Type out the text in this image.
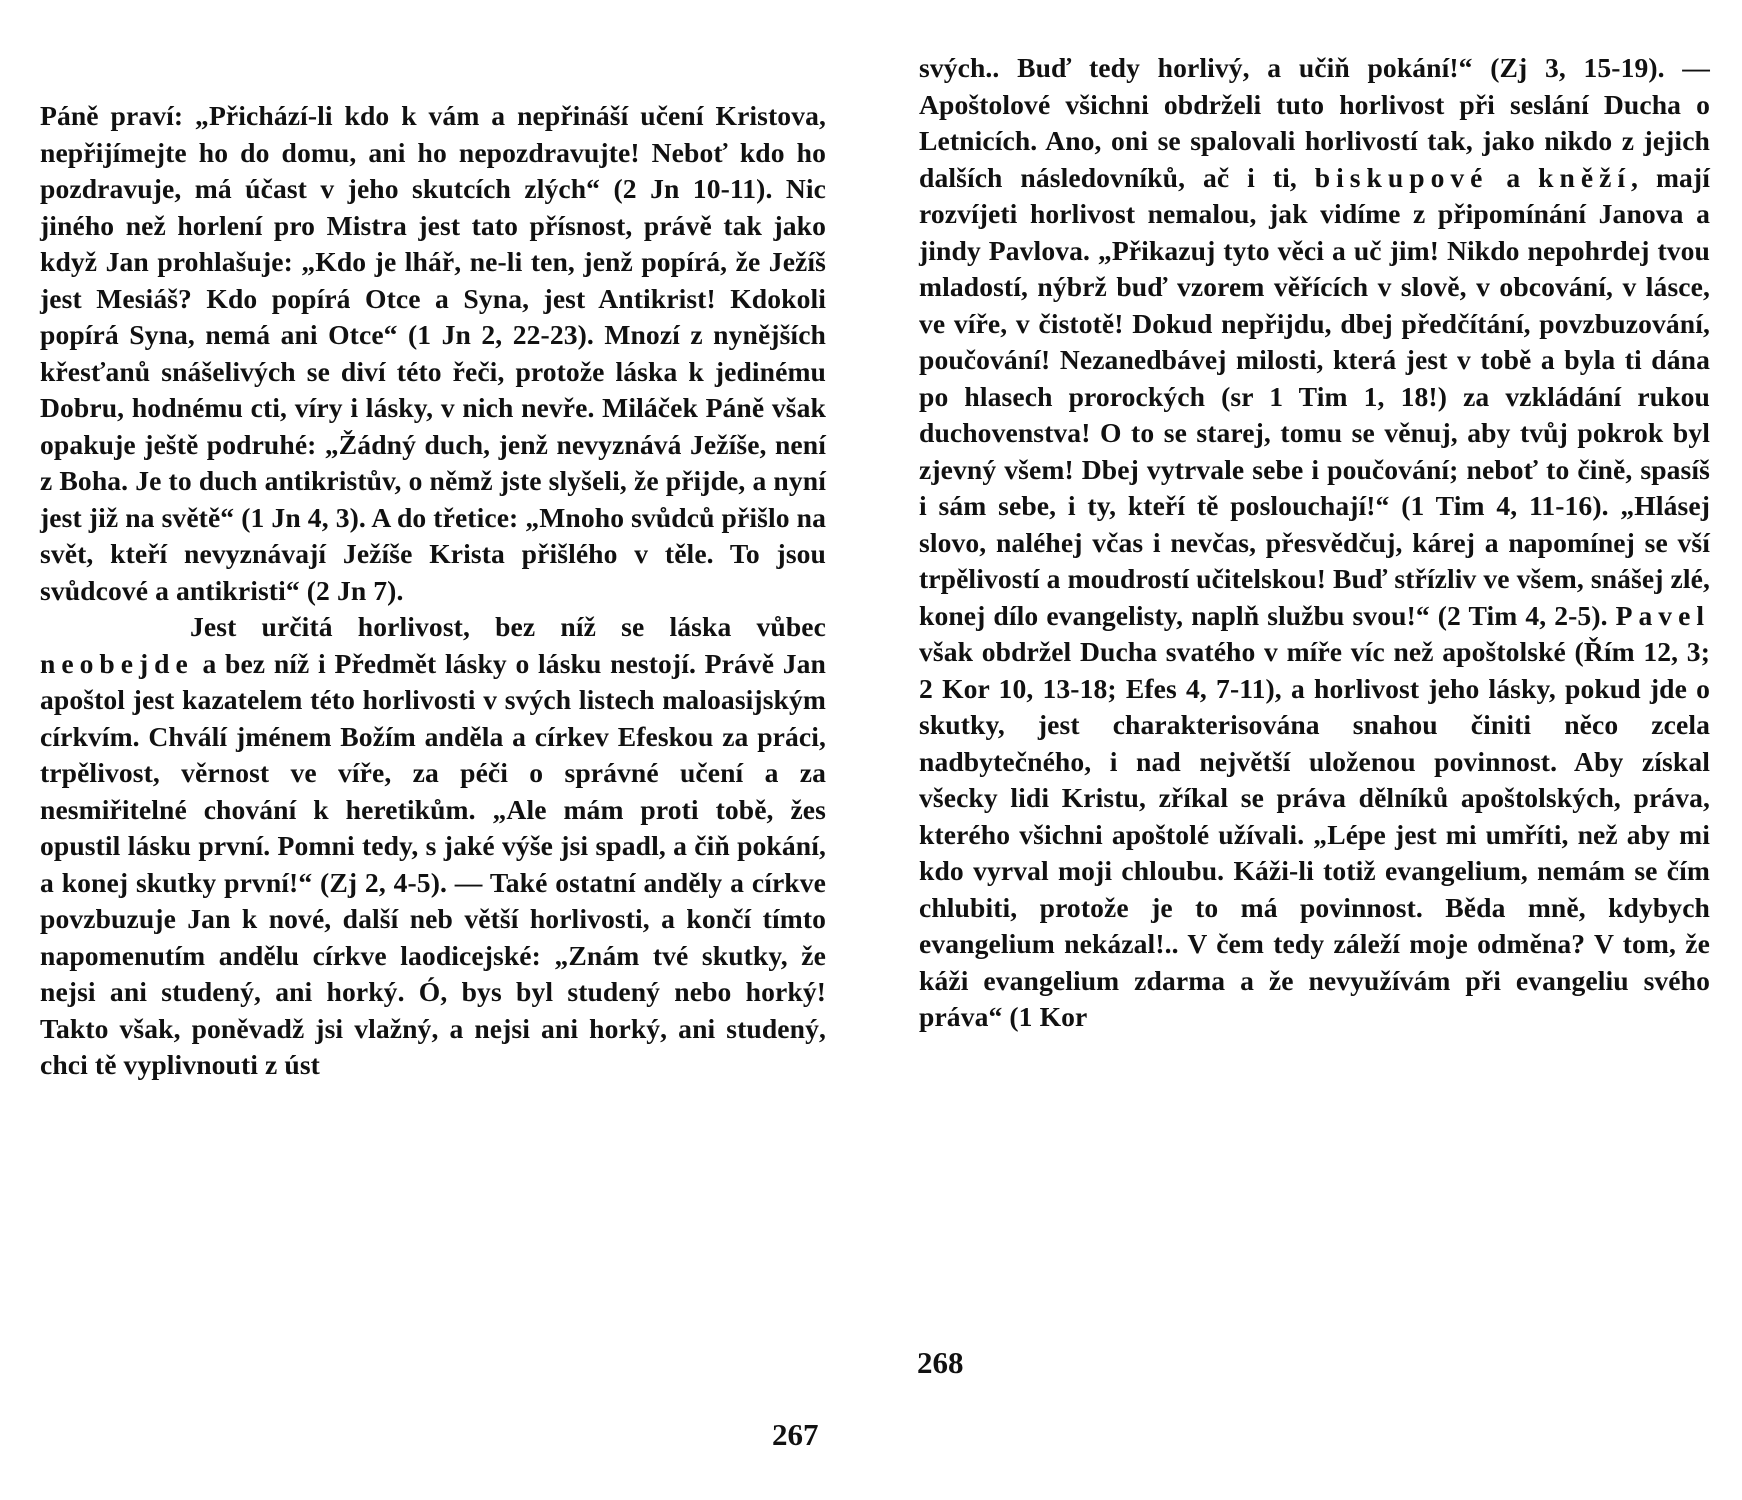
Páně praví: „Přichází-li kdo k vám a nepřináší učení Kristova, nepřijímejte ho do domu, ani ho nepozdravujte! Neboť kdo ho pozdravuje, má účast v jeho skutcích zlých“ (2 Jn 10-11). Nic jiného než horlení pro Mistra jest tato přísnost, právě tak jako když Jan prohlašuje: „Kdo je lhář, ne-li ten, jenž popírá, že Ježíš jest Mesiáš? Kdo popírá Otce a Syna, jest Antikrist! Kdokoli popírá Syna, nemá ani Otce“ (1 Jn 2, 22-23). Mnozí z nynějších křesťanů snášelivých se diví této řeči, protože láska k jedinému Dobru, hodnému cti, víry i lásky, v nich nevře. Miláček Páně však opakuje ještě podruhé: „Žádný duch, jenž nevyznává Ježíše, není z Boha. Je to duch antikristův, o němž jste slyšeli, že přijde, a nyní jest již na světě“ (1 Jn 4, 3). A do třetice: „Mnoho svůdců přišlo na svět, kteří nevyznávají Ježíše Krista přišlého v těle. To jsou svůdcové a antikristi“ (2 Jn 7).

Jest určitá horlivost, bez níž se láska vůbec neobejde a bez níž i Předmět lásky o lásku nestojí. Právě Jan apoštol jest kazatelem této horlivosti v svých listech maloasijským církvím. Chválí jménem Božím anděla a církev Efeskou za práci, trpělivost, věrnost ve víře, za péči o správné učení a za nesmiřitelné chování k heretikům. „Ale mám proti tobě, žes opustil lásku první. Pomni tedy, s jaké výše jsi spadl, a čiň pokání, a konej skutky první!“ (Zj 2, 4-5). — Také ostatní anděly a církve povzbuzuje Jan k nové, další neb větší horlivosti, a končí tímto napomenutím andělu církve laodicejské: „Znám tvé skutky, že nejsi ani studený, ani horký. Ó, bys byl studený nebo horký! Takto však, poněvadž jsi vlažný, a nejsi ani horký, ani studený, chci tě vyplivnouti z úst

267

svých.. Buď tedy horlivý, a učiň pokání!“ (Zj 3, 15-19). — Apoštolové všichni obdrželi tuto horlivost při seslání Ducha o Letnicích. Ano, oni se spalovali horlivostí tak, jako nikdo z jejich dalších následovníků, ač i ti, biskupové a kněží, mají rozvíjeti horlivost nemalou, jak vidíme z připomínání Janova a jindy Pavlova. „Přikazuj tyto věci a uč jim! Nikdo nepohrdej tvou mladostí, nýbrž buď vzorem věřících v slově, v obcování, v lásce, ve víře, v čistotě! Dokud nepřijdu, dbej předčítání, povzbuzování, poučování! Nezanedbávej milosti, která jest v tobě a byla ti dána po hlasech prorockých (sr 1 Tim 1, 18!) za vzkládání rukou duchovenstva! O to se starej, tomu se věnuj, aby tvůj pokrok byl zjevný všem! Dbej vytrvale sebe i poučování; neboť to čině, spasíš i sám sebe, i ty, kteří tě poslouchají!“ (1 Tim 4, 11-16). „Hlásej slovo, naléhej včas i nevčas, přesvědčuj, kárej a napomínej se vší trpělivostí a moudrostí učitelskou! Buď střízliv ve všem, snášej zlé, konej dílo evangelisty, naplň službu svou!“ (2 Tim 4, 2-5). Pavel však obdržel Ducha svatého v míře víc než apoštolské (Řím 12, 3; 2 Kor 10, 13-18; Efes 4, 7-11), a horlivost jeho lásky, pokud jde o skutky, jest charakterisována snahou činiti něco zcela nadbytečného, i nad největší uloženou povinnost. Aby získal všecky lidi Kristu, zříkal se práva dělníků apoštolských, práva, kterého všichni apoštolé užívali. „Lépe jest mi umříti, než aby mi kdo vyrval moji chloubu. Káži-li totiž evangelium, nemám se čím chlubiti, protože je to má povinnost. Běda mně, kdybych evangelium nekázal!.. V čem tedy záleží moje odměna? V tom, že káži evangelium zdarma a že nevyužívám při evangeliu svého práva“ (1 Kor

268
